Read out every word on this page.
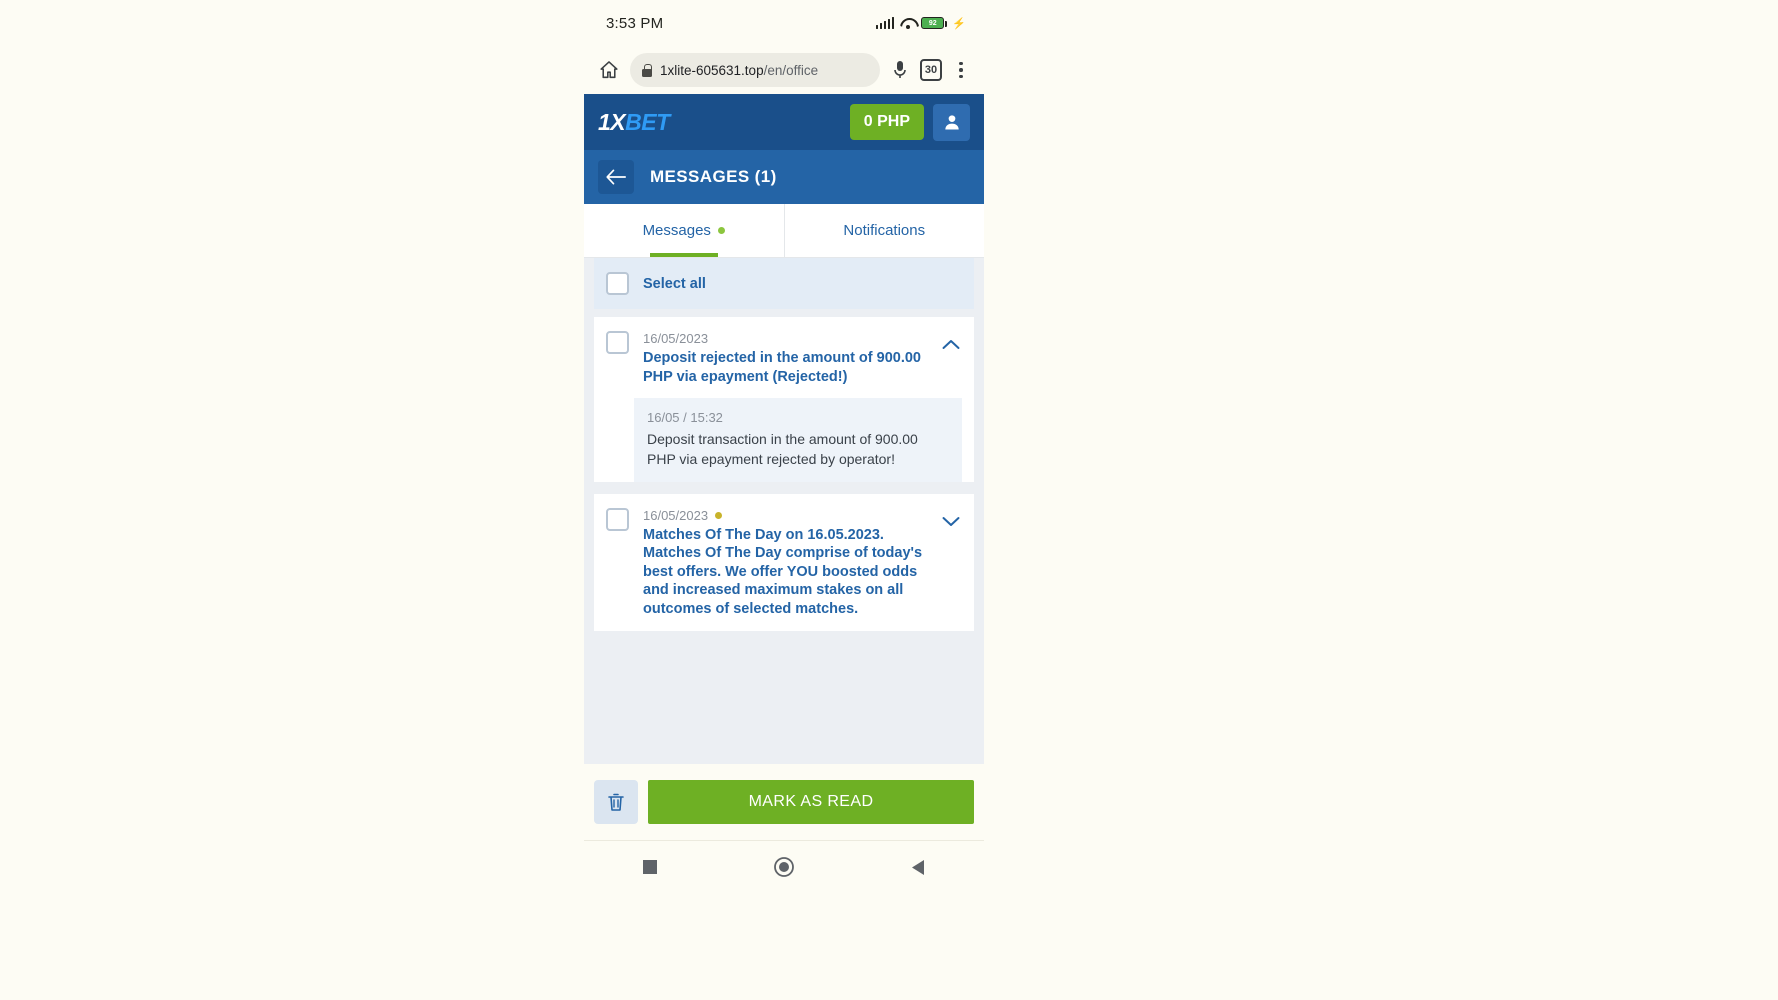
3:53 PM	92 ⚡
1xlite-605631.top/en/office	30
1XBET	0 PHP
MESSAGES (1)
Messages	Notifications
Select all
16/05/2023
Deposit rejected in the amount of 900.00 PHP via epayment (Rejected!)
16/05 / 15:32
Deposit transaction in the amount of 900.00 PHP via epayment rejected by operator!
16/05/2023
Matches Of The Day on 16.05.2023. Matches Of The Day comprise of today's best offers. We offer YOU boosted odds and increased maximum stakes on all outcomes of selected matches.
MARK AS READ
